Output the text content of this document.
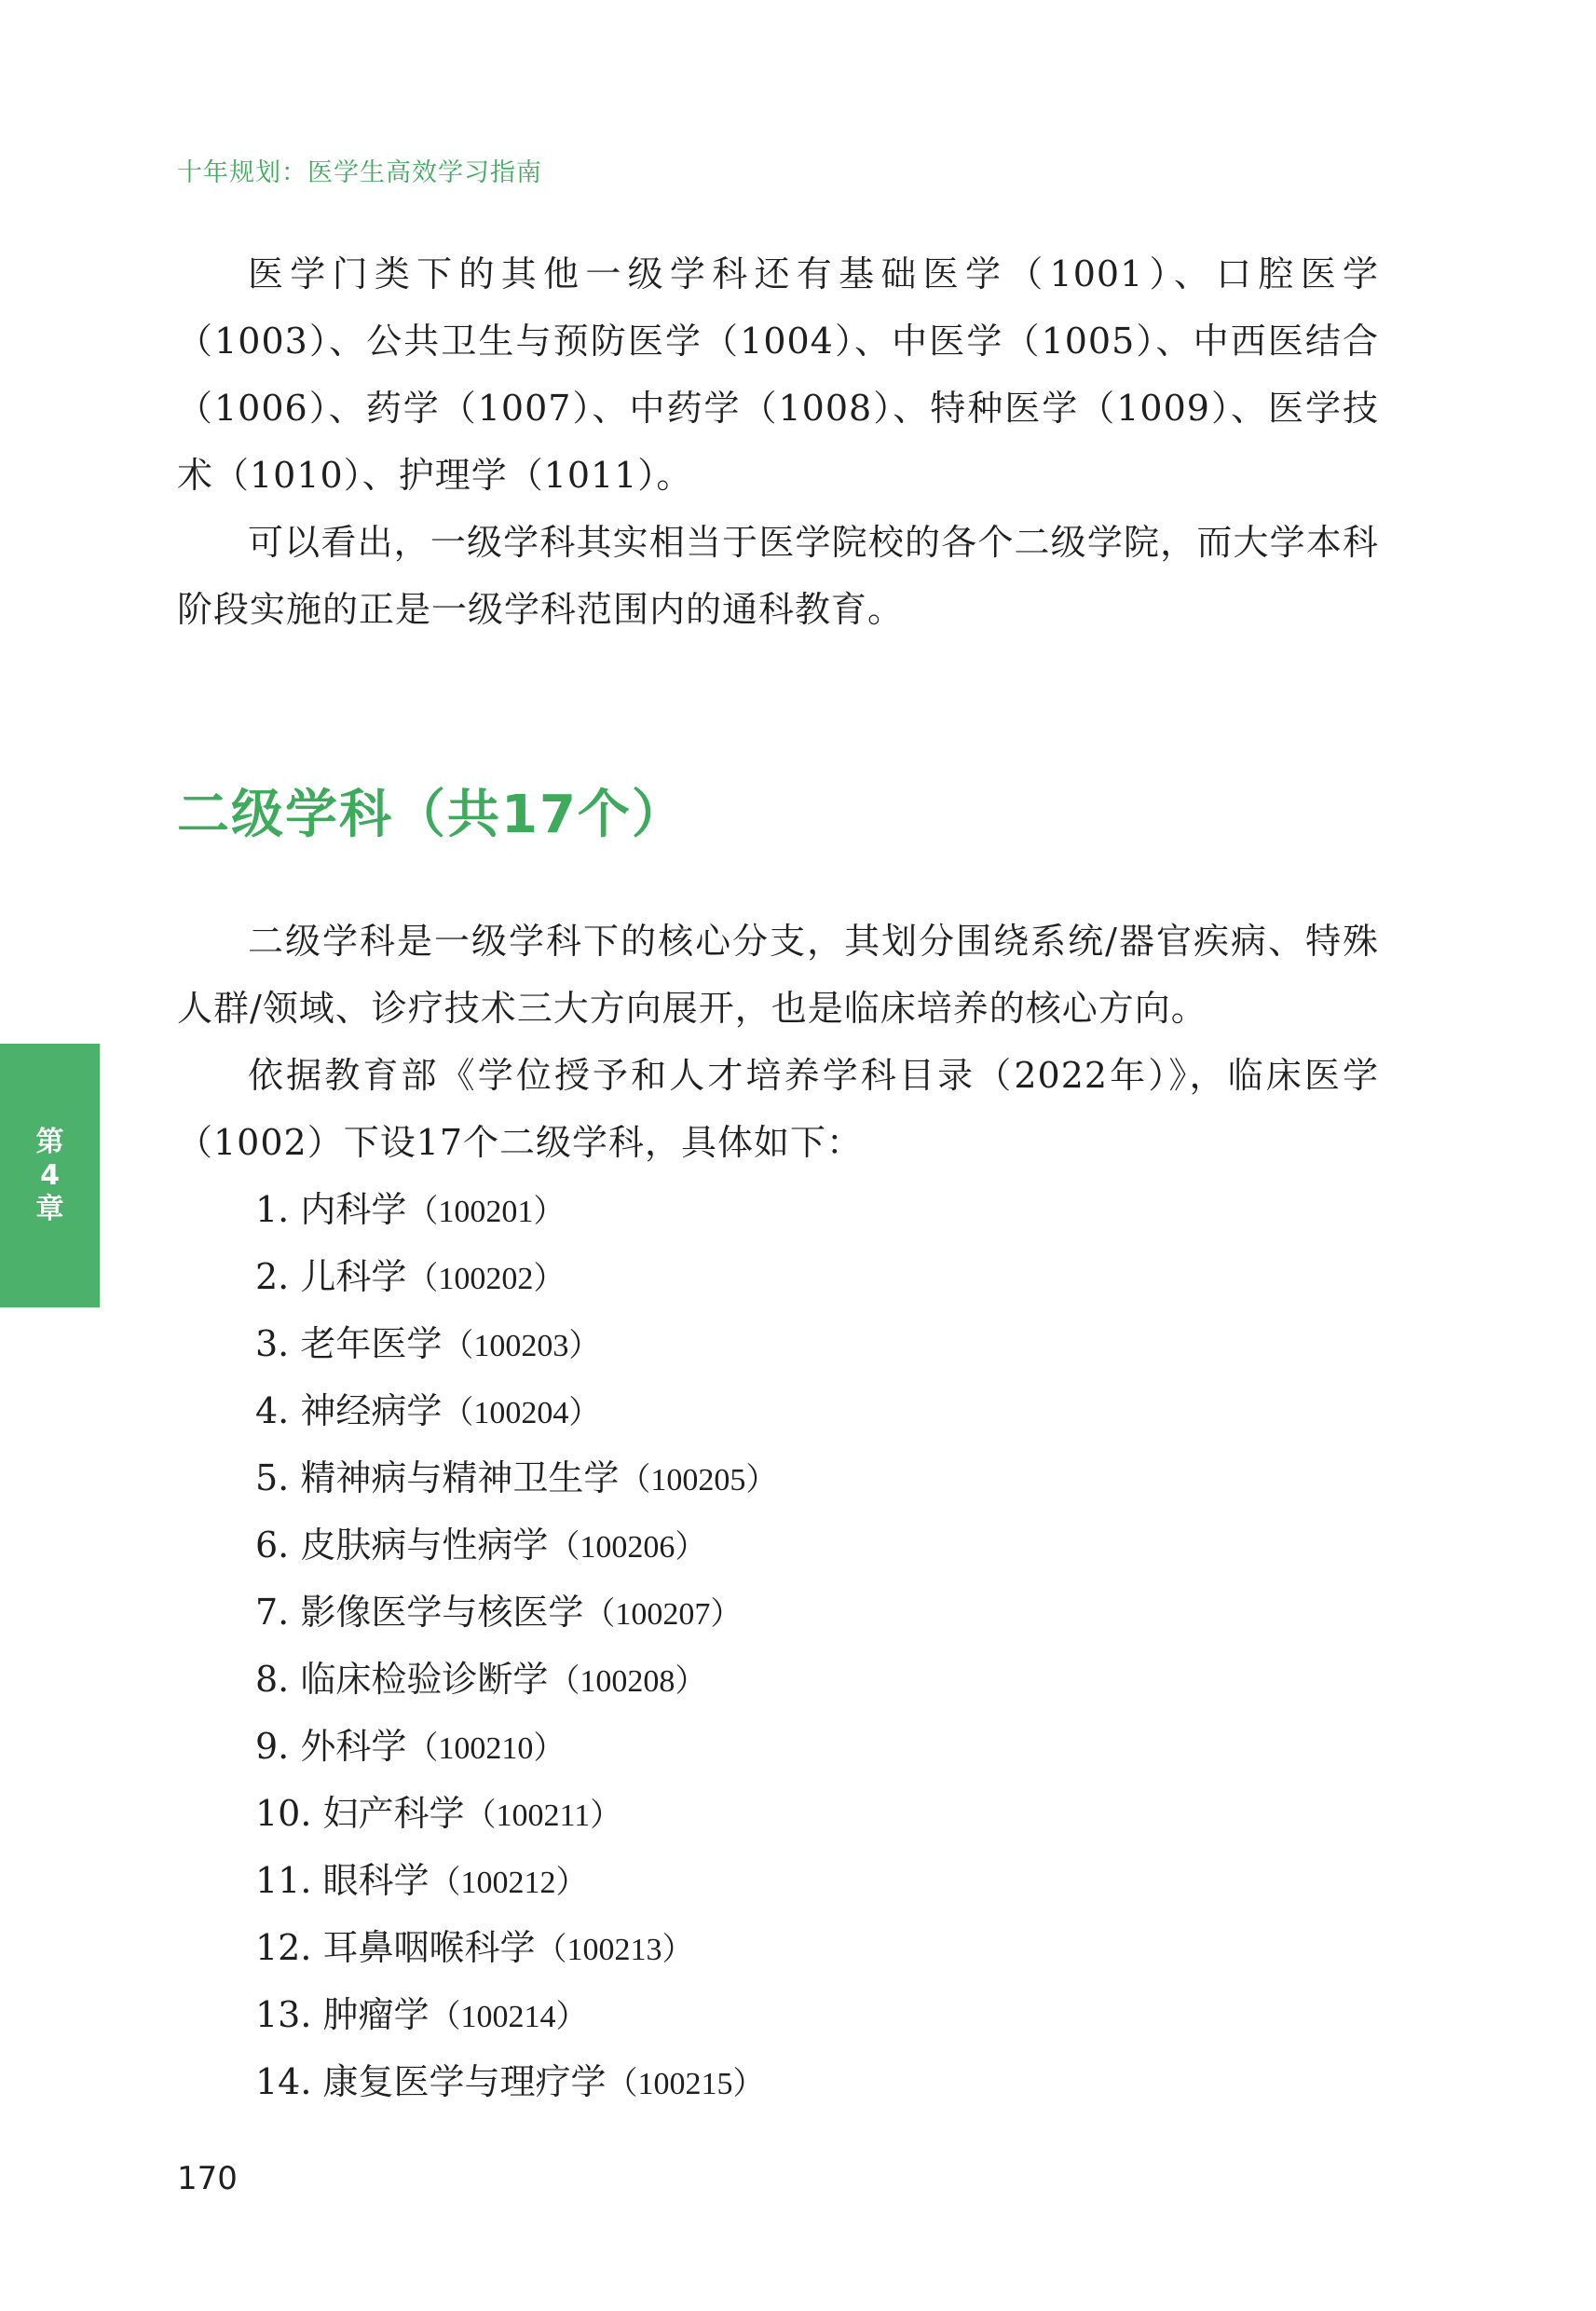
十年规划：医学生高效学习指南

医学门类下的其他一级学科还有基础医学（1001）、口腔医学（1003）、公共卫生与预防医学（1004）、中医学（1005）、中西医结合（1006）、药学（1007）、中药学（1008）、特种医学（1009）、医学技术（1010）、护理学（1011）。

可以看出，一级学科其实相当于医学院校的各个二级学院，而大学本科阶段实施的正是一级学科范围内的通科教育。

二级学科（共17个）

二级学科是一级学科下的核心分支，其划分围绕系统/器官疾病、特殊人群/领域、诊疗技术三大方向展开，也是临床培养的核心方向。

依据教育部《学位授予和人才培养学科目录（2022年）》，临床医学（1002）下设17个二级学科，具体如下：

第
4
章	1. 内科学（100201）
2. 儿科学（100202）
3. 老年医学（100203）
4. 神经病学（100204）
5. 精神病与精神卫生学（100205）
6. 皮肤病与性病学（100206）
7. 影像医学与核医学（100207）
8. 临床检验诊断学（100208）
9. 外科学（100210）
10. 妇产科学（100211）
11. 眼科学（100212）
12. 耳鼻咽喉科学（100213）
13. 肿瘤学（100214）
14. 康复医学与理疗学（100215）
170
